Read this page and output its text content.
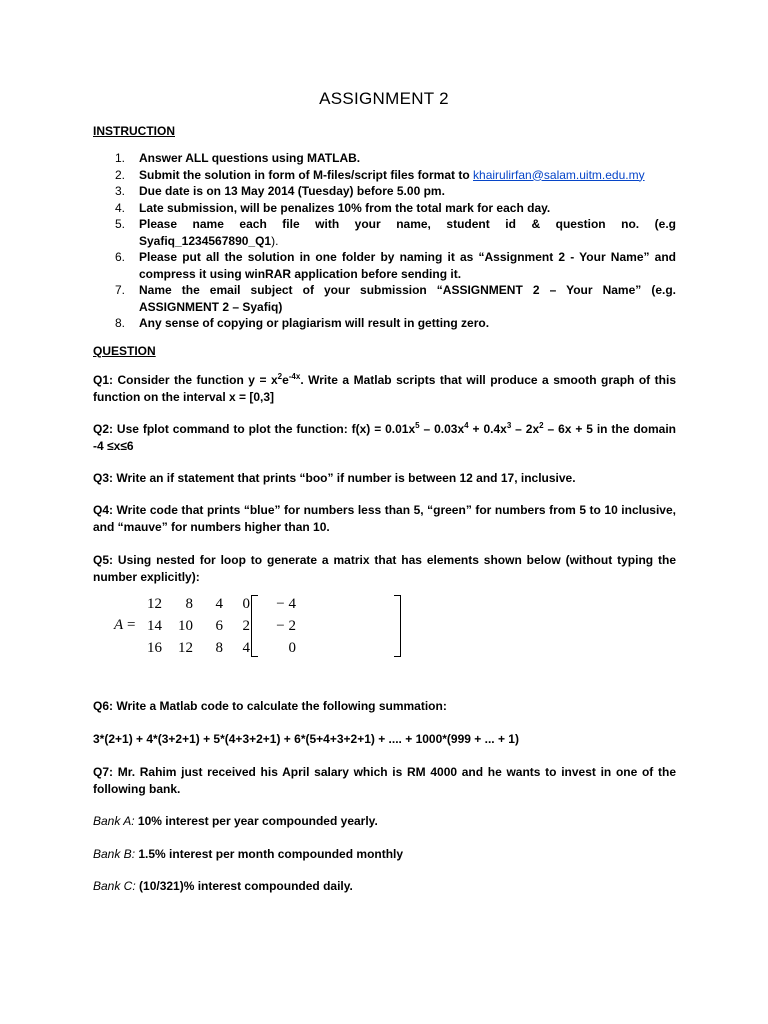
ASSIGNMENT 2
INSTRUCTION
1.	Answer ALL questions using MATLAB.
2.	Submit the solution in form of M-files/script files format to khairulirfan@salam.uitm.edu.my
3.	Due date is on 13 May 2014 (Tuesday) before 5.00 pm.
4.	Late submission, will be penalizes 10% from the total mark for each day.
5.	Please name each file with your name, student id & question no. (e.g
Syafiq_1234567890_Q1).
6.	Please put all the solution in one folder by naming it as “Assignment 2 - Your Name” and compress it using winRAR application before sending it.
7.	Name the email subject of your submission “ASSIGNMENT 2 – Your Name” (e.g. ASSIGNMENT 2 – Syafiq)
8.	Any sense of copying or plagiarism will result in getting zero.
QUESTION
Q1: Consider the function $y = x^2e^{-4x}$. Write a Matlab scripts that will produce a smooth graph of this function on the interval x = [0,3]
Q2: Use fplot command to plot the function: $f(x) = 0.01x^5 - 0.03x^4 + 0.4x^3 - 2x^2 - 6x + 5$ in the domain -4 ≤x≤6
Q3: Write an if statement that prints “boo” if number is between 12 and 17, inclusive.
Q4: Write code that prints “blue” for numbers less than 5, “green” for numbers from 5 to 10 inclusive, and “mauve” for numbers higher than 10.
Q5: Using nested for loop to generate a matrix that has elements shown below (without typing the number explicitly):
A =
12	8	4	0	− 4
14	10	6	2	− 2
16	12	8	4	0
Q6: Write a Matlab code to calculate the following summation:
3*(2+1) + 4*(3+2+1) + 5*(4+3+2+1) + 6*(5+4+3+2+1) + .... + 1000*(999 + ... + 1)
Q7: Mr. Rahim just received his April salary which is RM 4000 and he wants to invest in one of the following bank.
Bank A: 10% interest per year compounded yearly.
Bank B: 1.5% interest per month compounded monthly
Bank C: (10/321)% interest compounded daily.
